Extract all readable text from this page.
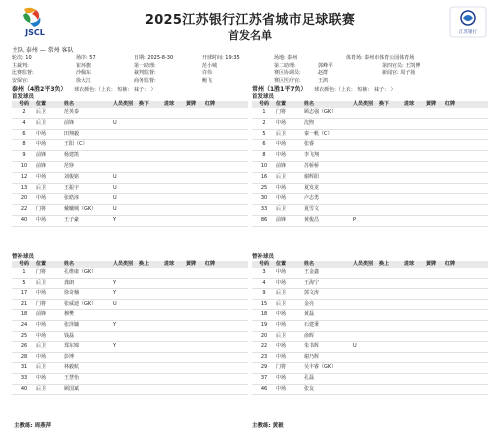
JSCL
2025江苏银行江苏省城市足球联赛
首发名单	江苏银行
主队 泰州 — 常州 客队
轮次: 10	场序: 57	日期: 2025-8-30	开球时间: 19:35	场地: 泰州	体育场: 泰州市体育公园体育场
主裁判:	崔环旗	第一助理:	范小城	第二助理:	郭峰平	第四官员: 王凯博
比赛监督:	沙佩东	裁判监督:	许伟	赛区协调员:	赵群	新闻官: 周子扬
安保官:	徐大江	商务监督:	鲍飞	赛区医疗官:	王鸿
泰州（4胜2平3负） 球衣颜色:（上衣： 短裤： 袜子： ）
首发球员
号码 位置	姓名	人员类别 换下	进球 黄牌 红牌
2	后卫	范英泰
4	后卫	前锋	U
6	中场	田翔毅
8	中场	王阳（C）
9	前锋	杨建凯
10	前锋	范铮
12	中场	刘俊铭	U
13	后卫	王振宇	U
20	中场	张皓淳	U
22	门将	戴曦城（GK）	U
40	中场	王子豪	Y
替补球员
号码 位置	姓名	人员类别 换上	进球 黄牌 红牌
1	门将	孔维康（GK）
5	后卫	龚朗	Y
17	中场	徐奇楠	Y
21	门将	张威迪（GK）	U
18	前锋	穆樊
24	中场	张泽镛	Y
25	中场	钱磊
26	后卫	郑东锦	Y
28	中场	彭博
31	后卫	林毅航
33	中场	王慧怡
40	后卫	顾国斌
常州（1胜1平7负） 球衣颜色:（上衣： 短裤： 袜子： ）
首发球员
号码 位置	姓名	人员类别 换下	进球 黄牌 红牌
1	门将	顾志强（GK）
2	中场	沈煦
5	后卫	秦一帆（C）
6	中场	张睿
8	中场	李飞翔
10	前锋	苏桥桥
16	后卫	谢辉阳
25	中场	夏发龙
30	中场	卢志勇
33	后卫	夏雪文
86	前锋	黄俊昌	P
替补球员
号码 位置	姓名	人员类别 换上	进球 黄牌 红牌
3	中场	王金鑫
4	中场	王海宁
9	后卫	郭文涛
15	后卫	金亮
18	中场	黄磊
19	中场	石建秉
20	后卫	俞晖
22	中场	朱书辉	U
23	中场	谢乃辉
29	门将	吴丰睿（GK）
37	中场	孔磊
46	中场	张友
主教练: 周燕萍	主教练: 黄毅
